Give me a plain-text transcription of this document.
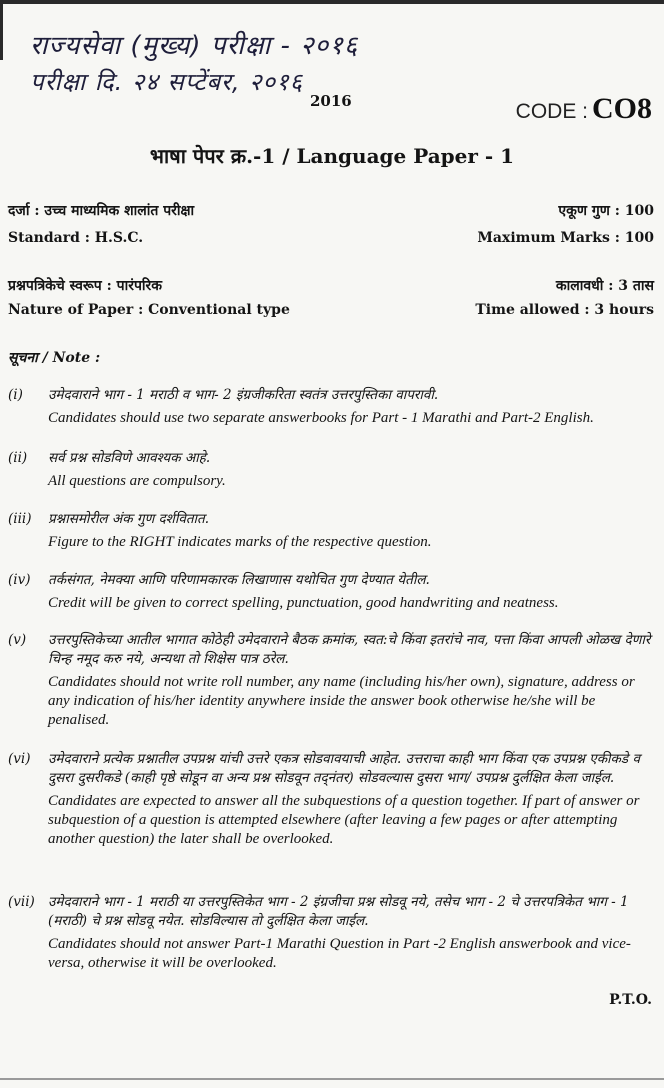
राज्यसेवा (मुख्य) परीक्षा - २०१६
परीक्षा दि. २४ सप्टेंबर, २०१६
2016	CODE : CO8
भाषा पेपर क्र.-1 / Language Paper - 1
दर्जा : उच्च माध्यमिक शालांत परीक्षा	एकूण गुण : 100
Standard : H.S.C.	Maximum Marks : 100
प्रश्नपत्रिकेचे स्वरूप : पारंपरिक	कालावधी : 3 तास
Nature of Paper : Conventional type	Time allowed : 3 hours
सूचना / Note :
(i)	उमेदवाराने भाग - 1 मराठी व भाग- 2 इंग्रजीकरिता स्वतंत्र उत्तरपुस्तिका वापरावी.

Candidates should use two separate answerbooks for Part - 1 Marathi and Part-2 English.

(ii)	सर्व प्रश्न सोडविणे आवश्यक आहे.

All questions are compulsory.

(iii)	प्रश्नासमोरील अंक गुण दर्शवितात.

Figure to the RIGHT indicates marks of the respective question.

(iv)	तर्कसंगत, नेमक्या आणि परिणामकारक लिखाणास यथोचित गुण देण्यात येतील.

Credit will be given to correct spelling, punctuation, good handwriting and neatness.

(v)	उत्तरपुस्तिकेच्या आतील भागात कोठेही उमेदवाराने बैठक क्रमांक, स्वत:चे किंवा इतरांचे नाव, पत्ता किंवा आपली ओळख देणारे चिन्ह नमूद करु नये, अन्यथा तो शिक्षेस पात्र ठरेल.

Candidates should not write roll number, any name (including his/her own), signature, address or any indication of his/her identity anywhere inside the answer book otherwise he/she will be penalised.

(vi)	उमेदवाराने प्रत्येक प्रश्नातील उपप्रश्न यांची उत्तरे एकत्र सोडवावयाची आहेत. उत्तराचा काही भाग किंवा एक उपप्रश्न एकीकडे व दुसरा दुसरीकडे (काही पृष्ठे सोडून वा अन्य प्रश्न सोडवून तद्नंतर) सोडवल्यास दुसरा भाग/ उपप्रश्न दुर्लक्षित केला जाईल.

Candidates are expected to answer all the subquestions of a question together. If part of answer or subquestion of a question is attempted elsewhere (after leaving a few pages or after attempting another question) the later shall be overlooked.

(vii) उमेदवाराने भाग - 1 मराठी या उत्तरपुस्तिकेत भाग - 2 इंग्रजीचा प्रश्न सोडवू नये, तसेच भाग - 2 चे उत्तरपत्रिकेत भाग - 1 (मराठी) चे प्रश्न सोडवू नयेत. सोडविल्यास तो दुर्लक्षित केला जाईल.

Candidates should not answer Part-1 Marathi Question in Part -2 English answerbook and vice-versa, otherwise it will be overlooked.

P.T.O.
